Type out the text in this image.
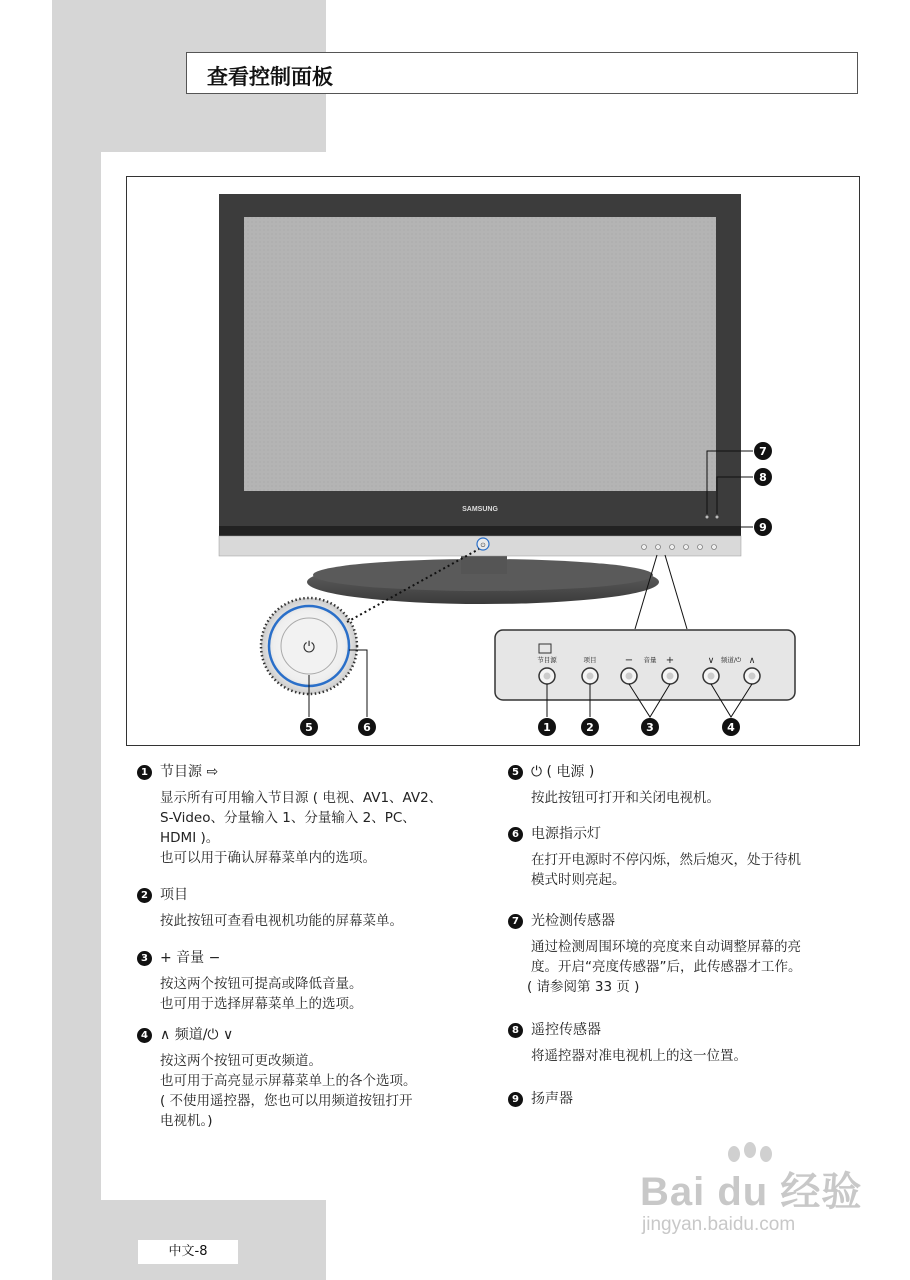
查看控制面板
SAMSUNG
⏻
⏻
节目源	项目	− 音量 +	∨ 频道/⏻ ∧
1	2	3	4
5	6
7
8
9
1 节目源 ⇨
显示所有可用输入节目源 ( 电视、AV1、AV2、
S-Video、分量输入 1、分量输入 2、PC、
HDMI )。
也可以用于确认屏幕菜单内的选项。
2 项目
按此按钮可查看电视机功能的屏幕菜单。
3 + 音量 −
按这两个按钮可提高或降低音量。
也可用于选择屏幕菜单上的选项。
4 ∧ 频道/⏻ ∨
按这两个按钮可更改频道。
也可用于高亮显示屏幕菜单上的各个选项。
( 不使用遥控器，您也可以用频道按钮打开
电视机。)
5 ⏻ ( 电源 )
按此按钮可打开和关闭电视机。
6 电源指示灯
在打开电源时不停闪烁，然后熄灭，处于待机
模式时则亮起。
7 光检测传感器
通过检测周围环境的亮度来自动调整屏幕的亮
度。开启“亮度传感器”后，此传感器才工作。
( 请参阅第 33 页 )
8 遥控传感器
将遥控器对准电视机上的这一位置。
9 扬声器
Bai du 经验
jingyan.baidu.com
中文-8
